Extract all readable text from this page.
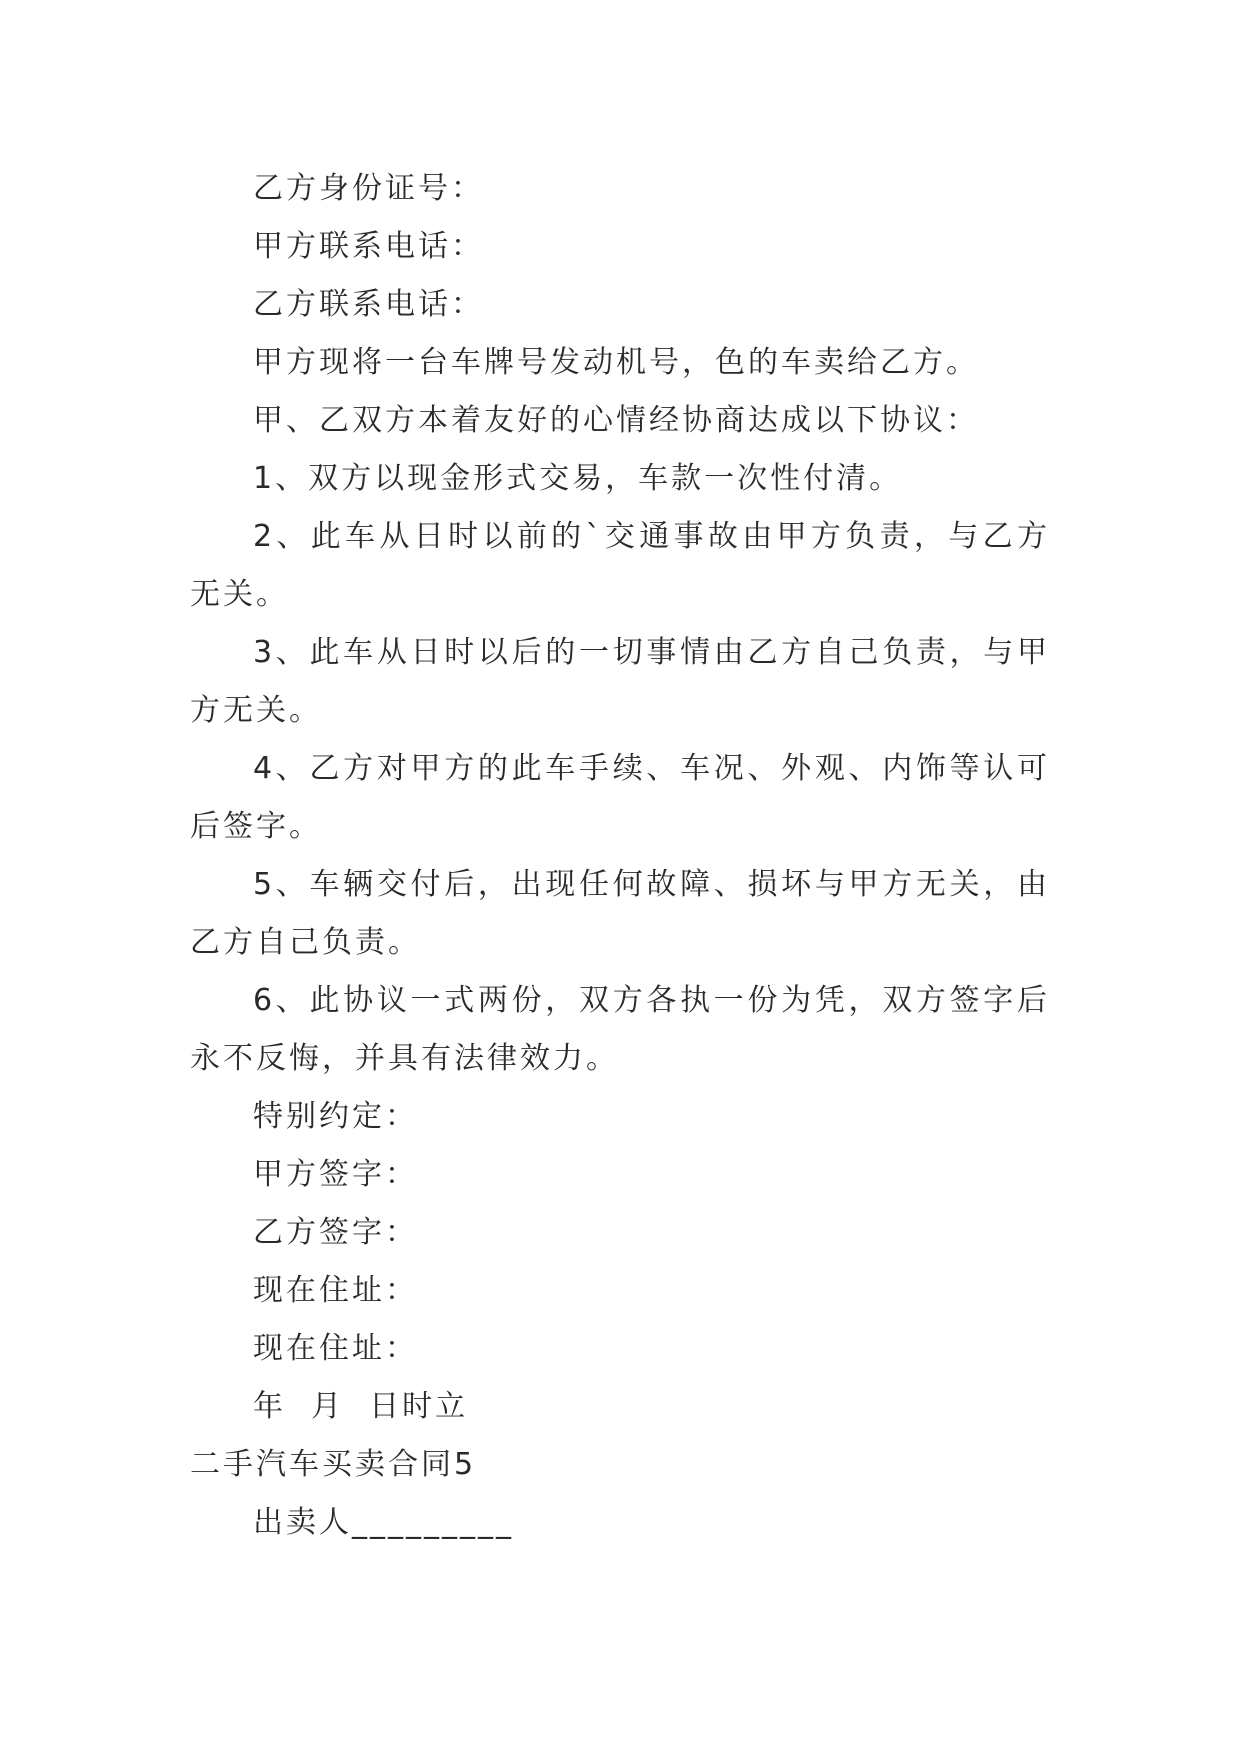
乙方身份证号：

甲方联系电话：

乙方联系电话：

甲方现将一台车牌号发动机号，色的车卖给乙方。

甲、乙双方本着友好的心情经协商达成以下协议：

1、双方以现金形式交易，车款一次性付清。

2、此车从日时以前的`交通事故由甲方负责，与乙方无关。

3、此车从日时以后的一切事情由乙方自己负责，与甲方无关。

4、乙方对甲方的此车手续、车况、外观、内饰等认可后签字。

5、车辆交付后，出现任何故障、损坏与甲方无关，由乙方自己负责。

6、此协议一式两份，双方各执一份为凭，双方签字后永不反悔，并具有法律效力。

特别约定：

甲方签字：

乙方签字：

现在住址：

现在住址：

年  月  日时立

二手汽车买卖合同5

出卖人_________
